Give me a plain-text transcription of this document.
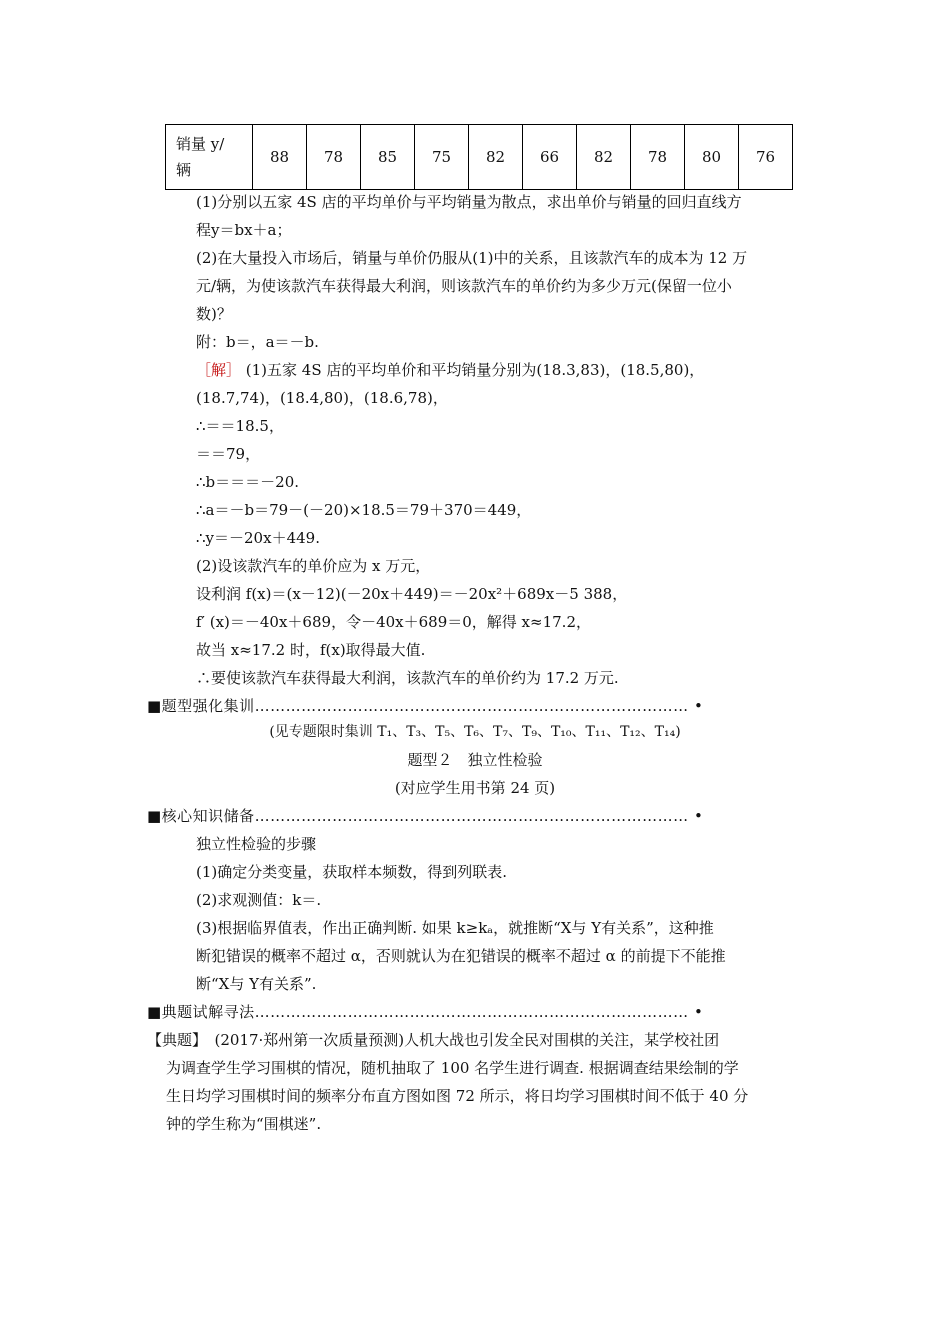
销量 y/
辆	88	78	85	75	82	66	82	78	80	76
(1)分别以五家 4S 店的平均单价与平均销量为散点，求出单价与销量的回归直线方
程y＝bx＋a；
(2)在大量投入市场后，销量与单价仍服从(1)中的关系，且该款汽车的成本为 12 万
元/辆，为使该款汽车获得最大利润，则该款汽车的单价约为多少万元(保留一位小
数)？
附：b＝，a＝－b.
［解］ (1)五家 4S 店的平均单价和平均销量分别为(18.3,83)，(18.5,80)，
(18.7,74)，(18.4,80)，(18.6,78)，
∴＝＝18.5，
＝＝79，
∴b＝＝＝－20.
∴a＝－b＝79－(－20)×18.5＝79＋370＝449，
∴y＝－20x＋449.
(2)设该款汽车的单价应为 x 万元，
设利润 f(x)＝(x－12)(－20x＋449)＝－20x²＋689x－5 388，
f′ (x)＝－40x＋689，令－40x＋689＝0，解得 x≈17.2，
故当 x≈17.2 时，f(x)取得最大值.
∴要使该款汽车获得最大利润，该款汽车的单价约为 17.2 万元.
■题型强化集训………………………………………………………………………… •
(见专题限时集训 T₁、T₃、T₅、T₆、T₇、T₉、T₁₀、T₁₁、T₁₂、T₁₄)
题型２　独立性检验
(对应学生用书第 24 页)
■核心知识储备………………………………………………………………………… •
独立性检验的步骤
(1)确定分类变量，获取样本频数，得到列联表.
(2)求观测值：k＝.
(3)根据临界值表，作出正确判断. 如果 k≥kₐ，就推断“X与 Y有关系”，这种推
断犯错误的概率不超过 α，否则就认为在犯错误的概率不超过 α 的前提下不能推
断“X与 Y有关系”.
■典题试解寻法………………………………………………………………………… •
【典题】　(2017·郑州第一次质量预测)人机大战也引发全民对围棋的关注，某学校社团
为调查学生学习围棋的情况，随机抽取了 100 名学生进行调查. 根据调查结果绘制的学
生日均学习围棋时间的频率分布直方图如图 72 所示，将日均学习围棋时间不低于 40 分
钟的学生称为“围棋迷”.
